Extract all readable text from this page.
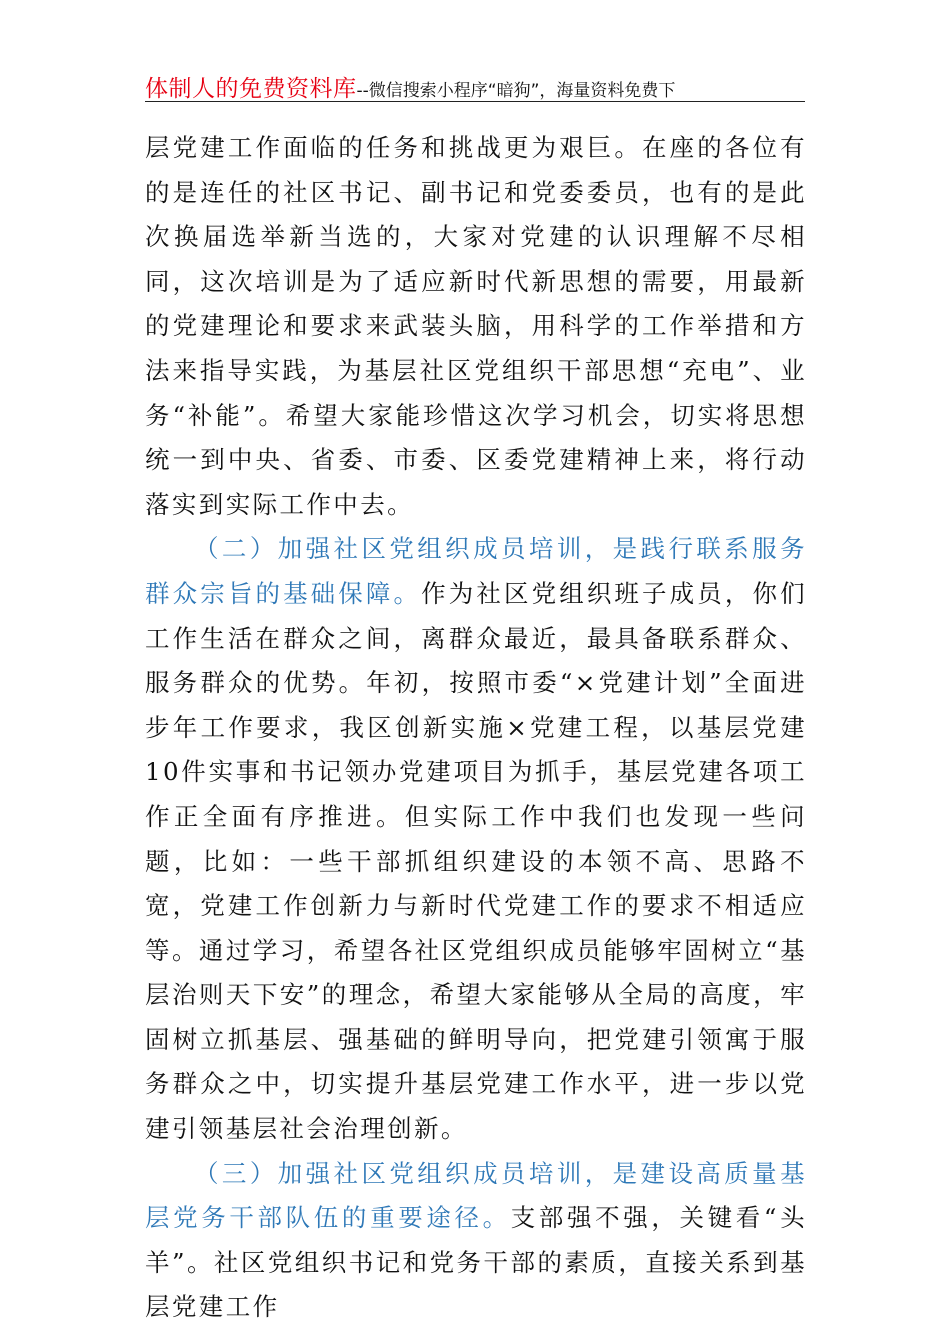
体制人的免费资料库--微信搜索小程序“暗狗”，海量资料免费下

层党建工作面临的任务和挑战更为艰巨。在座的各位有的是连任的社区书记、副书记和党委委员，也有的是此次换届选举新当选的，大家对党建的认识理解不尽相同，这次培训是为了适应新时代新思想的需要，用最新的党建理论和要求来武装头脑，用科学的工作举措和方法来指导实践，为基层社区党组织干部思想“充电”、业务“补能”。希望大家能珍惜这次学习机会，切实将思想统一到中央、省委、市委、区委党建精神上来，将行动落实到实际工作中去。

（二）加强社区党组织成员培训，是践行联系服务群众宗旨的基础保障。作为社区党组织班子成员，你们工作生活在群众之间，离群众最近，最具备联系群众、服务群众的优势。年初，按照市委“×党建计划”全面进步年工作要求，我区创新实施×党建工程，以基层党建10件实事和书记领办党建项目为抓手，基层党建各项工作正全面有序推进。但实际工作中我们也发现一些问题，比如：一些干部抓组织建设的本领不高、思路不宽，党建工作创新力与新时代党建工作的要求不相适应等。通过学习，希望各社区党组织成员能够牢固树立“基层治则天下安”的理念，希望大家能够从全局的高度，牢固树立抓基层、强基础的鲜明导向，把党建引领寓于服务群众之中，切实提升基层党建工作水平，进一步以党建引领基层社会治理创新。

（三）加强社区党组织成员培训，是建设高质量基层党务干部队伍的重要途径。支部强不强，关键看“头羊”。社区党组织书记和党务干部的素质，直接关系到基层党建工作
